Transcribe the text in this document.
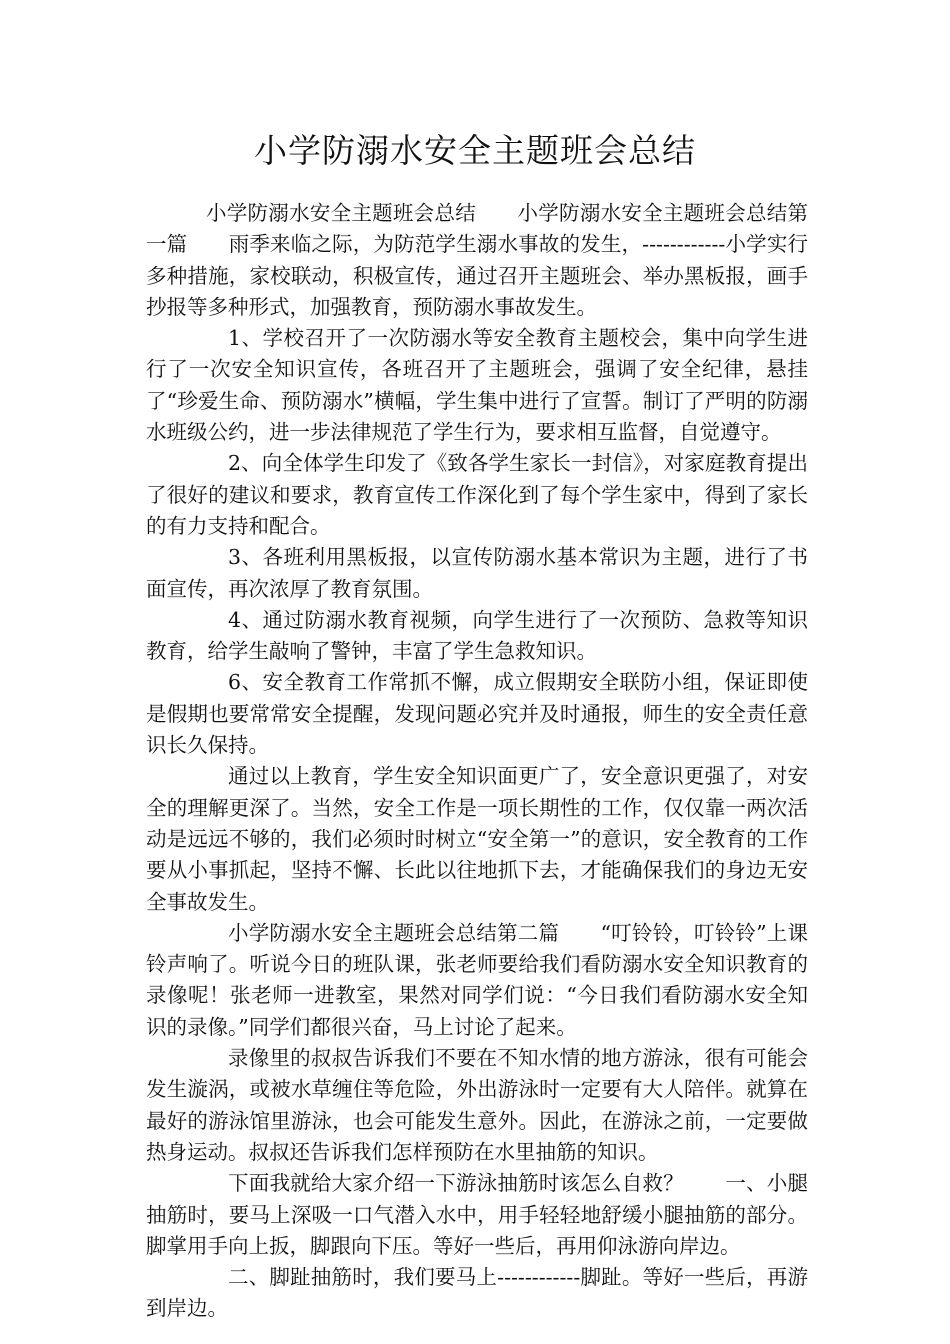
小学防溺水安全主题班会总结

小学防溺水安全主题班会总结　　小学防溺水安全主题班会总结第一篇　　雨季来临之际，为防范学生溺水事故的发生，------------小学实行多种措施，家校联动，积极宣传，通过召开主题班会、举办黑板报，画手抄报等多种形式，加强教育，预防溺水事故发生。

1、学校召开了一次防溺水等安全教育主题校会，集中向学生进行了一次安全知识宣传，各班召开了主题班会，强调了安全纪律，悬挂了“珍爱生命、预防溺水”横幅，学生集中进行了宣誓。制订了严明的防溺水班级公约，进一步法律规范了学生行为，要求相互监督，自觉遵守。

2、向全体学生印发了《致各学生家长一封信》，对家庭教育提出了很好的建议和要求，教育宣传工作深化到了每个学生家中，得到了家长的有力支持和配合。

3、各班利用黑板报，以宣传防溺水基本常识为主题，进行了书面宣传，再次浓厚了教育氛围。

4、通过防溺水教育视频，向学生进行了一次预防、急救等知识教育，给学生敲响了警钟，丰富了学生急救知识。

6、安全教育工作常抓不懈，成立假期安全联防小组，保证即使是假期也要常常安全提醒，发现问题必究并及时通报，师生的安全责任意识长久保持。

通过以上教育，学生安全知识面更广了，安全意识更强了，对安全的理解更深了。当然，安全工作是一项长期性的工作，仅仅靠一两次活动是远远不够的，我们必须时时树立“安全第一”的意识，安全教育的工作要从小事抓起，坚持不懈、长此以往地抓下去，才能确保我们的身边无安全事故发生。

小学防溺水安全主题班会总结第二篇　　“叮铃铃，叮铃铃”上课铃声响了。听说今日的班队课，张老师要给我们看防溺水安全知识教育的录像呢！张老师一进教室，果然对同学们说：“今日我们看防溺水安全知识的录像。”同学们都很兴奋，马上讨论了起来。

录像里的叔叔告诉我们不要在不知水情的地方游泳，很有可能会发生漩涡，或被水草缠住等危险，外出游泳时一定要有大人陪伴。就算在最好的游泳馆里游泳，也会可能发生意外。因此，在游泳之前，一定要做热身运动。叔叔还告诉我们怎样预防在水里抽筋的知识。

下面我就给大家介绍一下游泳抽筋时该怎么自救？　　一、小腿抽筋时，要马上深吸一口气潜入水中，用手轻轻地舒缓小腿抽筋的部分。脚掌用手向上扳，脚跟向下压。等好一些后，再用仰泳游向岸边。

二、脚趾抽筋时，我们要马上------------脚趾。等好一些后，再游到岸边。
